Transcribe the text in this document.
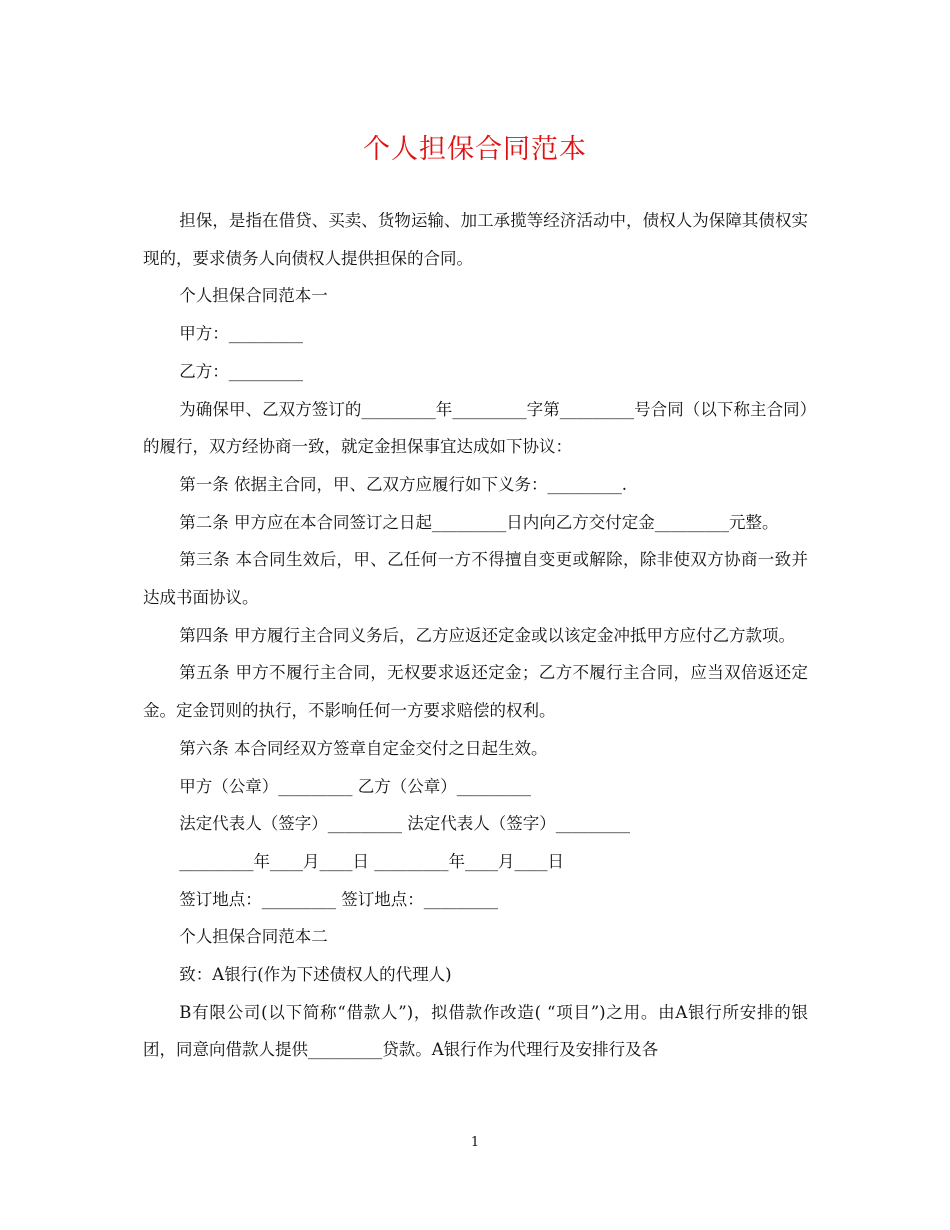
个人担保合同范本

担保，是指在借贷、买卖、货物运输、加工承揽等经济活动中，债权人为保障其债权实现的，要求债务人向债权人提供担保的合同。

个人担保合同范本一

甲方：_________

乙方：_________

为确保甲、乙双方签订的_________年_________字第_________号合同（以下称主合同）的履行，双方经协商一致，就定金担保事宜达成如下协议：

第一条 依据主合同，甲、乙双方应履行如下义务：_________.

第二条 甲方应在本合同签订之日起_________日内向乙方交付定金_________元整。

第三条 本合同生效后，甲、乙任何一方不得擅自变更或解除，除非使双方协商一致并达成书面协议。

第四条 甲方履行主合同义务后，乙方应返还定金或以该定金冲抵甲方应付乙方款项。

第五条 甲方不履行主合同，无权要求返还定金；乙方不履行主合同，应当双倍返还定金。定金罚则的执行，不影响任何一方要求赔偿的权利。

第六条 本合同经双方签章自定金交付之日起生效。

甲方（公章）_________ 乙方（公章）_________

法定代表人（签字）_________ 法定代表人（签字）_________

_________年____月____日 _________年____月____日

签订地点：_________ 签订地点：_________

个人担保合同范本二

致：A银行(作为下述债权人的代理人)

B有限公司(以下简称“借款人”)，拟借款作改造( “项目”)之用。由A银行所安排的银团，同意向借款人提供_________贷款。A银行作为代理行及安排行及各

1
